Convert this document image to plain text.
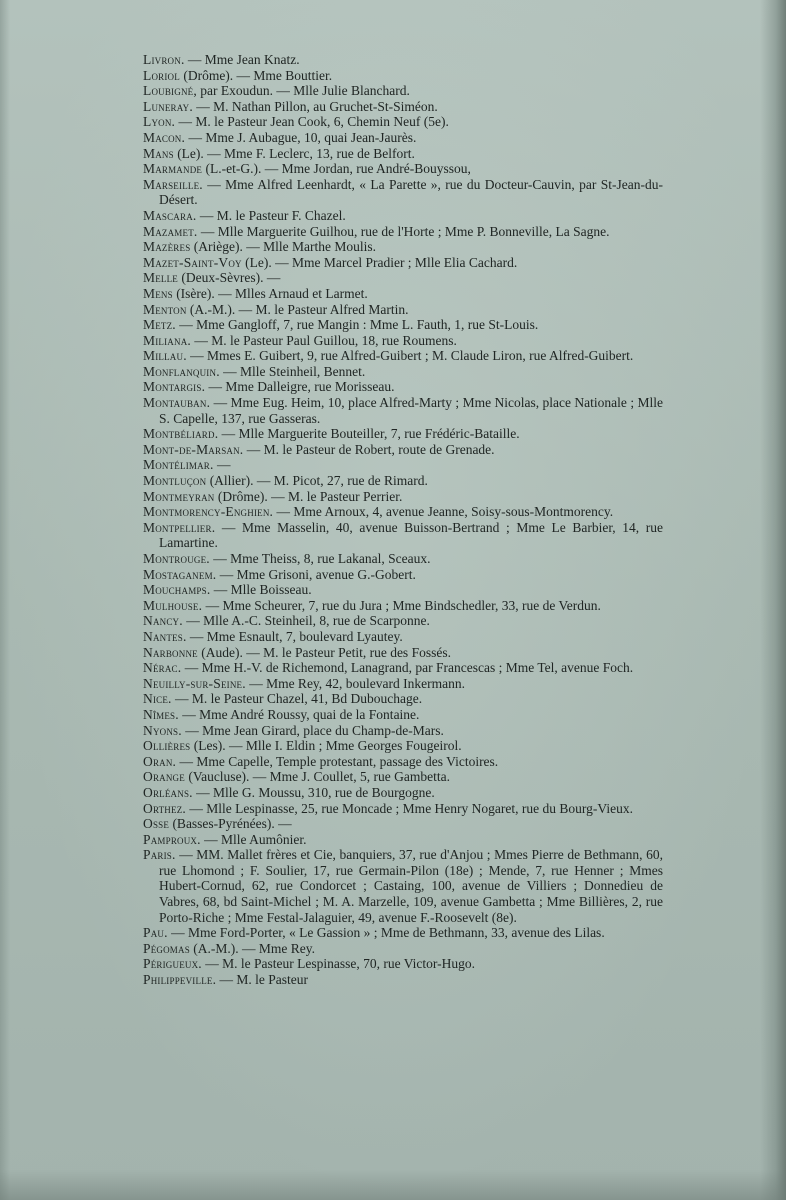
Livron. — Mme Jean Knatz.

Loriol (Drôme). — Mme Bouttier.

Loubigné, par Exoudun. — Mlle Julie Blanchard.

Luneray. — M. Nathan Pillon, au Gruchet-St-Siméon.

Lyon. — M. le Pasteur Jean Cook, 6, Chemin Neuf (5e).

Macon. — Mme J. Aubague, 10, quai Jean-Jaurès.

Mans (Le). — Mme F. Leclerc, 13, rue de Belfort.

Marmande (L.-et-G.). — Mme Jordan, rue André-Bouyssou,

Marseille. — Mme Alfred Leenhardt, « La Parette », rue du Docteur-Cauvin, par St-Jean-du-Désert.

Mascara. — M. le Pasteur F. Chazel.

Mazamet. — Mlle Marguerite Guilhou, rue de l'Horte ; Mme P. Bonneville, La Sagne.

Mazères (Ariège). — Mlle Marthe Moulis.

Mazet-Saint-Voy (Le). — Mme Marcel Pradier ; Mlle Elia Cachard.

Melle (Deux-Sèvres). —

Mens (Isère). — Mlles Arnaud et Larmet.

Menton (A.-M.). — M. le Pasteur Alfred Martin.

Metz. — Mme Gangloff, 7, rue Mangin : Mme L. Fauth, 1, rue St-Louis.

Miliana. — M. le Pasteur Paul Guillou, 18, rue Roumens.

Millau. — Mmes E. Guibert, 9, rue Alfred-Guibert ; M. Claude Liron, rue Alfred-Guibert.

Monflanquin. — Mlle Steinheil, Bennet.

Montargis. — Mme Dalleigre, rue Morisseau.

Montauban. — Mme Eug. Heim, 10, place Alfred-Marty ; Mme Nicolas, place Nationale ; Mlle S. Capelle, 137, rue Gasseras.

Montbéliard. — Mlle Marguerite Bouteiller, 7, rue Frédéric-Bataille.

Mont-de-Marsan. — M. le Pasteur de Robert, route de Grenade.

Montélimar. —

Montluçon (Allier). — M. Picot, 27, rue de Rimard.

Montmeyran (Drôme). — M. le Pasteur Perrier.

Montmorency-Enghien. — Mme Arnoux, 4, avenue Jeanne, Soisy-sous-Montmorency.

Montpellier. — Mme Masselin, 40, avenue Buisson-Bertrand ; Mme Le Barbier, 14, rue Lamartine.

Montrouge. — Mme Theiss, 8, rue Lakanal, Sceaux.

Mostaganem. — Mme Grisoni, avenue G.-Gobert.

Mouchamps. — Mlle Boisseau.

Mulhouse. — Mme Scheurer, 7, rue du Jura ; Mme Bindschedler, 33, rue de Verdun.

Nancy. — Mlle A.-C. Steinheil, 8, rue de Scarponne.

Nantes. — Mme Esnault, 7, boulevard Lyautey.

Narbonne (Aude). — M. le Pasteur Petit, rue des Fossés.

Nérac. — Mme H.-V. de Richemond, Lanagrand, par Francescas ; Mme Tel, avenue Foch.

Neuilly-sur-Seine. — Mme Rey, 42, boulevard Inkermann.

Nice. — M. le Pasteur Chazel, 41, Bd Dubouchage.

Nîmes. — Mme André Roussy, quai de la Fontaine.

Nyons. — Mme Jean Girard, place du Champ-de-Mars.

Ollières (Les). — Mlle I. Eldin ; Mme Georges Fougeirol.

Oran. — Mme Capelle, Temple protestant, passage des Victoires.

Orange (Vaucluse). — Mme J. Coullet, 5, rue Gambetta.

Orléans. — Mlle G. Moussu, 310, rue de Bourgogne.

Orthez. — Mlle Lespinasse, 25, rue Moncade ; Mme Henry Nogaret, rue du Bourg-Vieux.

Osse (Basses-Pyrénées). —

Pamproux. — Mlle Aumônier.

Paris. — MM. Mallet frères et Cie, banquiers, 37, rue d'Anjou ; Mmes Pierre de Bethmann, 60, rue Lhomond ; F. Soulier, 17, rue Germain-Pilon (18e) ; Mende, 7, rue Henner ; Mmes Hubert-Cornud, 62, rue Condorcet ; Castaing, 100, avenue de Villiers ; Donnedieu de Vabres, 68, bd Saint-Michel ; M. A. Marzelle, 109, avenue Gambetta ; Mme Billières, 2, rue Porto-Riche ; Mme Festal-Jalaguier, 49, avenue F.-Roosevelt (8e).

Pau. — Mme Ford-Porter, « Le Gassion » ; Mme de Bethmann, 33, avenue des Lilas.

Pégomas (A.-M.). — Mme Rey.

Périgueux. — M. le Pasteur Lespinasse, 70, rue Victor-Hugo.

Philippeville. — M. le Pasteur
